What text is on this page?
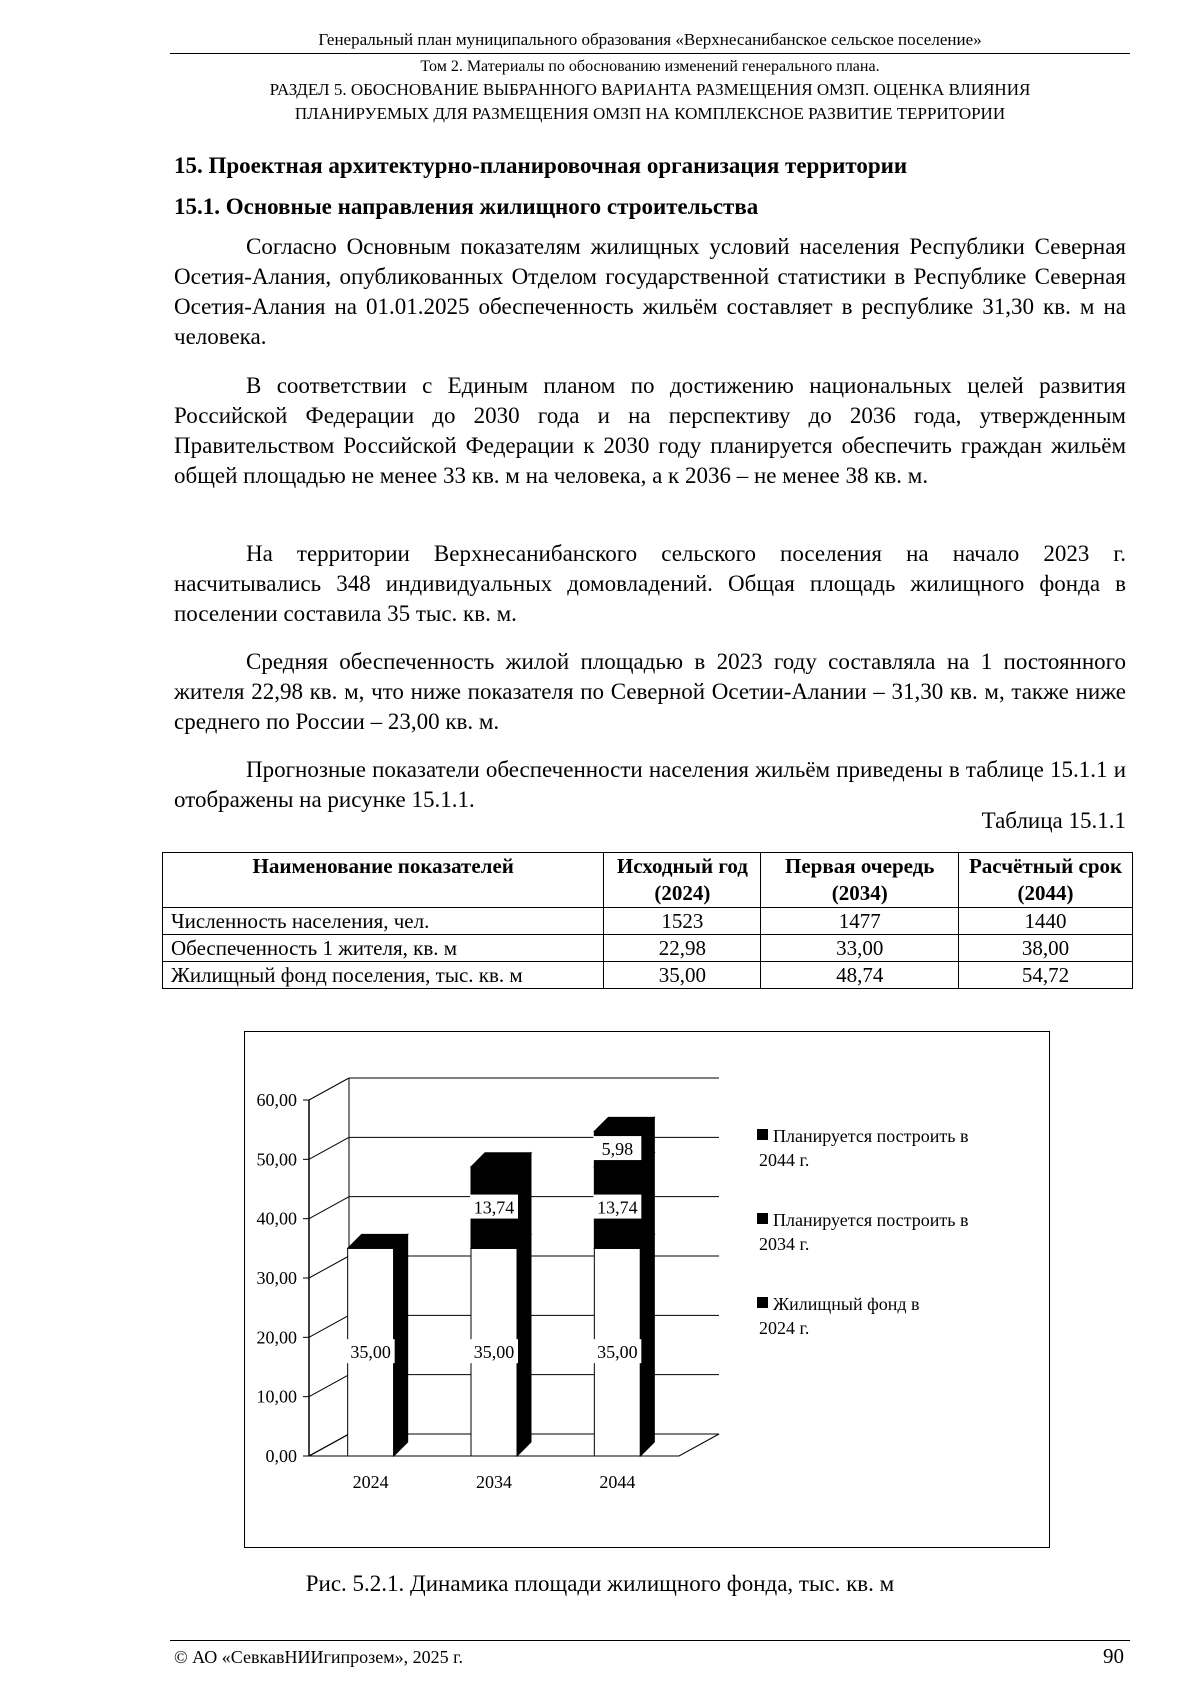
Генеральный план муниципального образования «Верхнесанибанское сельское поселение»
Том 2. Материалы по обоснованию изменений генерального плана.
РАЗДЕЛ 5. ОБОСНОВАНИЕ ВЫБРАННОГО ВАРИАНТА РАЗМЕЩЕНИЯ ОМЗП. ОЦЕНКА ВЛИЯНИЯ
ПЛАНИРУЕМЫХ ДЛЯ РАЗМЕЩЕНИЯ ОМЗП НА КОМПЛЕКСНОЕ РАЗВИТИЕ ТЕРРИТОРИИ
15. Проектная архитектурно-планировочная организация территории
15.1. Основные направления жилищного строительства

Согласно Основным показателям жилищных условий населения Республики Северная Осетия-Алания, опубликованных Отделом государственной статистики в Республике Северная Осетия-Алания на 01.01.2025 обеспеченность жильём составляет в республике 31,30 кв. м на человека.

В соответствии с Единым планом по достижению национальных целей развития Российской Федерации до 2030 года и на перспективу до 2036 года, утвержденным Правительством Российской Федерации к 2030 году планируется обеспечить граждан жильём общей площадью не менее 33 кв. м на человека, а к 2036 – не менее 38 кв. м.

На территории Верхнесанибанского сельского поселения на начало 2023 г. насчитывались 348 индивидуальных домовладений. Общая площадь жилищного фонда в поселении составила 35 тыс. кв. м.

Средняя обеспеченность жилой площадью в 2023 году составляла на 1 постоянного жителя 22,98 кв. м, что ниже показателя по Северной Осетии-Алании – 31,30 кв. м, также ниже среднего по России – 23,00 кв. м.

Прогнозные показатели обеспеченности населения жильём приведены в таблице 15.1.1 и отображены на рисунке 15.1.1.

Таблица 15.1.1
Наименование показателей	Исходный год (2024)	Первая очередь (2034)	Расчётный срок (2044)
Численность населения, чел.	1523	1477	1440
Обеспеченность 1 жителя, кв. м	22,98	33,00	38,00
Жилищный фонд поселения, тыс. кв. м	35,00	48,74	54,72
0,00
10,00
20,00
30,00
40,00
50,00
60,00
35,00
2024
35,00
13,74
2034
35,00
13,74
5,98
2044
Планируется построить в
2044 г.
Планируется построить в
2034 г.
Жилищный фонд в
2024 г.
Рис. 5.2.1. Динамика площади жилищного фонда, тыс. кв. м
© АО «СевкавНИИгипрозем», 2025 г.	90
